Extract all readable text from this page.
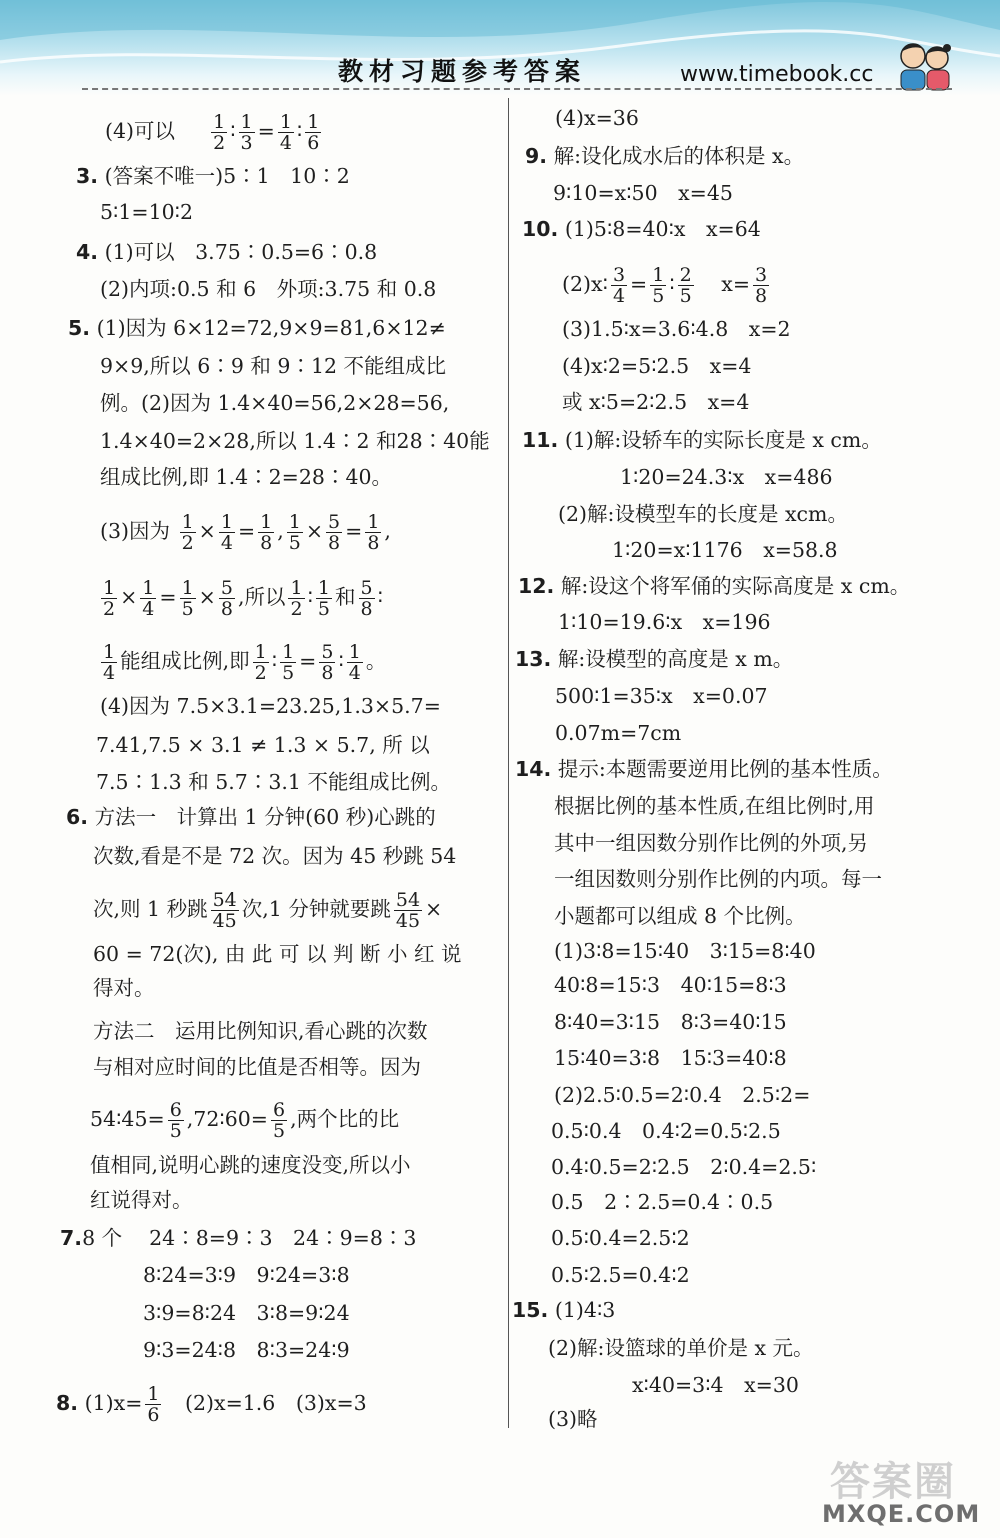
教材习题参考答案	www.timebook.cc
(4)可以 $\frac{1}{2}$ ∶ $\frac{1}{3} = \frac{1}{4}$ ∶ $\frac{1}{6}$
3. (答案不唯一)5∶1　10∶2
5∶1=10∶2
4. (1)可以　3.75∶0.5=6∶0.8
(2)内项:0.5 和 6　外项:3.75 和 0.8
5. (1)因为 6×12=72,9×9=81,6×12≠
9×9,所以 6∶9 和 9∶12 不能组成比
例。(2)因为 1.4×40=56,2×28=56,
1.4×40=2×28,所以 1.4∶2 和28∶40能
组成比例,即 1.4∶2=28∶40。
(3)因为 $\frac{1}{2} \times \frac{1}{4} = \frac{1}{8}$ , $\frac{1}{5} \times \frac{5}{8} = \frac{1}{8}$ ,
$\frac{1}{2} \times \frac{1}{4} = \frac{1}{5} \times \frac{5}{8}$ ,所以 $\frac{1}{2}$ ∶ $\frac{1}{5}$ 和 $\frac{5}{8}$ ∶
$\frac{1}{4}$ 能组成比例,即 $\frac{1}{2}$ ∶ $\frac{1}{5} = \frac{5}{8}$ ∶ $\frac{1}{4}$ 。
(4)因为 7.5×3.1=23.25,1.3×5.7=
7.41,7.5 × 3.1 ≠ 1.3 × 5.7, 所 以
7.5∶1.3 和 5.7∶3.1 不能组成比例。
6. 方法一　计算出 1 分钟(60 秒)心跳的
次数,看是不是 72 次。因为 45 秒跳 54
次,则 1 秒跳 $\frac{54}{45}$ 次,1 分钟就要跳 $\frac{54}{45}$ ×
60 = 72(次), 由 此 可 以 判 断 小 红 说
得对。
方法二　运用比例知识,看心跳的次数
与相对应时间的比值是否相等。因为
54∶45= $\frac{6}{5}$ ,72∶60= $\frac{6}{5}$ ,两个比的比
值相同,说明心跳的速度没变,所以小
红说得对。
7.8 个　 24∶8=9∶3　24∶9=8∶3
8∶24=3∶9　9∶24=3∶8
3∶9=8∶24　3∶8=9∶24
9∶3=24∶8　8∶3=24∶9
8. $(1)x= \frac{1}{6}$
　 (2)x=1.6　(3)x=3
(4)x=36
9. 解:设化成水后的体积是 x。
9∶10=x∶50　x=45
10. (1)5∶8=40∶x　x=64
(2)x∶ $\frac{3}{4} = \frac{1}{5}$ ∶ $\frac{2}{5} x= \frac{3}{8}$
(3)1.5∶x=3.6∶4.8　x=2
(4)x∶2=5∶2.5　x=4
或 x∶5=2∶2.5　x=4
11. (1)解:设轿车的实际长度是 x cm。
1∶20=24.3∶x　x=486
(2)解:设模型车的长度是 xcm。
1∶20=x∶1176　x=58.8
12. 解:设这个将军俑的实际高度是 x cm。
1∶10=19.6∶x　x=196
13. 解:设模型的高度是 x m。
500∶1=35∶x　x=0.07
0.07m=7cm
14. 提示:本题需要逆用比例的基本性质。
根据比例的基本性质,在组比例时,用
其中一组因数分别作比例的外项,另
一组因数则分别作比例的内项。每一
小题都可以组成 8 个比例。
(1)3∶8=15∶40　3∶15=8∶40
40∶8=15∶3　40∶15=8∶3
8∶40=3∶15　8∶3=40∶15
15∶40=3∶8　15∶3=40∶8
(2)2.5∶0.5=2∶0.4　2.5∶2=
0.5∶0.4　0.4∶2=0.5∶2.5
0.4∶0.5=2∶2.5　2∶0.4=2.5∶
0.5　2∶2.5=0.4∶0.5
0.5∶0.4=2.5∶2
0.5∶2.5=0.4∶2
15. (1)4∶3
(2)解:设篮球的单价是 x 元。
x∶40=3∶4　x=30
(3)略
答案圈
MXQE.COM
